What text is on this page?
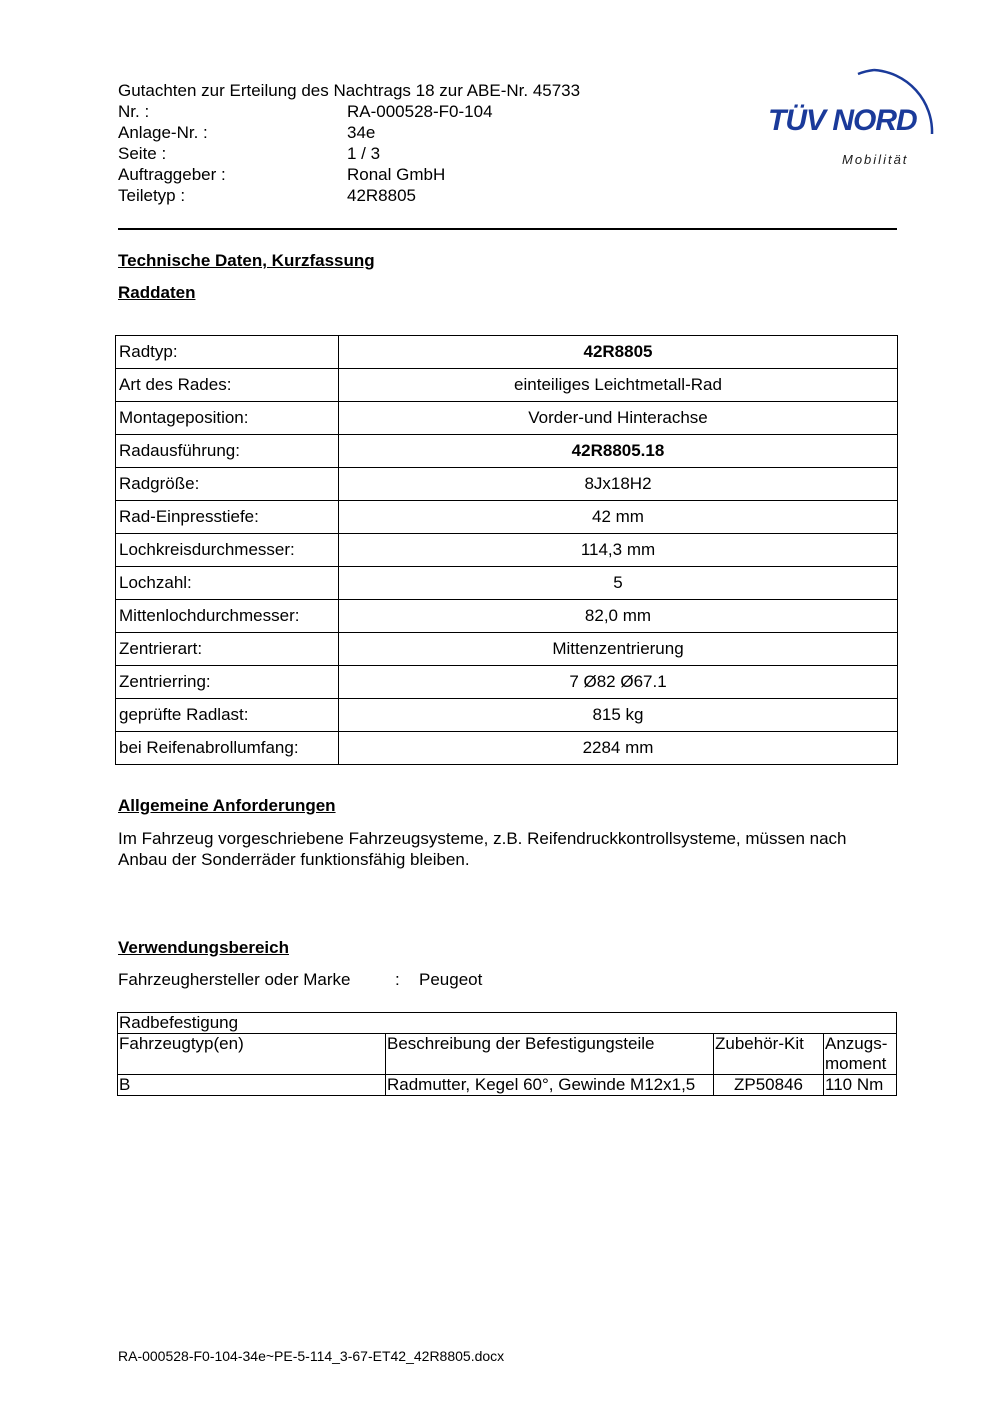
Gutachten zur Erteilung des Nachtrags 18 zur ABE-Nr. 45733
Nr. :	RA-000528-F0-104
Anlage-Nr. :	34e
Seite :	1 / 3
Auftraggeber :	Ronal GmbH
Teiletyp :	42R8805
TÜV NORD
Mobilität
Technische Daten, Kurzfassung
Raddaten
Radtyp:	42R8805
Art des Rades:	einteiliges Leichtmetall-Rad
Montageposition:	Vorder-und Hinterachse
Radausführung:	42R8805.18
Radgröße:	8Jx18H2
Rad-Einpresstiefe:	42 mm
Lochkreisdurchmesser:	114,3 mm
Lochzahl:	5
Mittenlochdurchmesser:	82,0 mm
Zentrierart:	Mittenzentrierung
Zentrierring:	7 Ø82 Ø67.1
geprüfte Radlast:	815 kg
bei Reifenabrollumfang:	2284 mm
Allgemeine Anforderungen
Im Fahrzeug vorgeschriebene Fahrzeugsysteme, z.B. Reifendruckkontrollsysteme, müssen nach Anbau der Sonderräder funktionsfähig bleiben.
Verwendungsbereich
Fahrzeughersteller oder Marke	: Peugeot
Radbefestigung			
Fahrzeugtyp(en)	Beschreibung der Befestigungsteile	Zubehör-Kit	Anzugs-moment
B	Radmutter, Kegel 60°, Gewinde M12x1,5	ZP50846	110 Nm
RA-000528-F0-104-34e~PE-5-114_3-67-ET42_42R8805.docx
